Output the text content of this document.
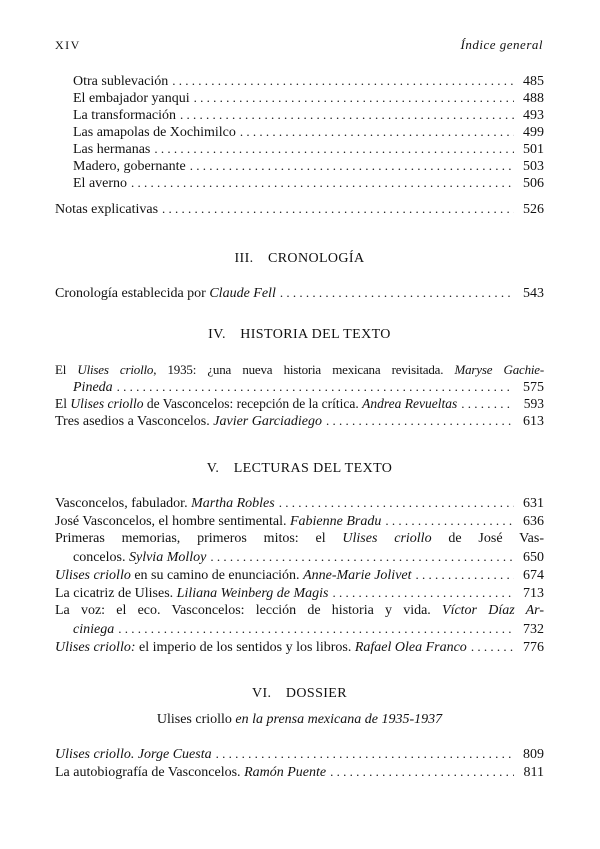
XIV	Índice general
Otra sublevación . . .	485
El embajador yanqui . . .	488
La transformación . . .	493
Las amapolas de Xochimilco . . .	499
Las hermanas . . .	501
Madero, gobernante . . .	503
El averno . . .	506
Notas explicativas . . .	526
III. CRONOLOGÍA
Cronología establecida por Claude Fell . . .	543
IV. HISTORIA DEL TEXTO
El Ulises criollo, 1935: ¿una nueva historia mexicana revisitada. Maryse Gachie-
Pineda . . .	575
El Ulises criollo de Vasconcelos: recepción de la crítica. Andrea Revueltas . . .	593
Tres asedios a Vasconcelos. Javier Garciadiego . . .	613
V. LECTURAS DEL TEXTO
Vasconcelos, fabulador. Martha Robles . . .	631
José Vasconcelos, el hombre sentimental. Fabienne Bradu . . .	636
Primeras memorias, primeros mitos: el Ulises criollo de José Vas-
concelos. Sylvia Molloy . . .	650
Ulises criollo en su camino de enunciación. Anne-Marie Jolivet . . .	674
La cicatriz de Ulises. Liliana Weinberg de Magis . . .	713
La voz: el eco. Vasconcelos: lección de historia y vida. Víctor Díaz Ar-
ciniega . . .	732
Ulises criollo: el imperio de los sentidos y los libros. Rafael Olea Franco . . .	776
VI. DOSSIER
Ulises criollo en la prensa mexicana de 1935-1937
Ulises criollo. Jorge Cuesta . . .	809
La autobiografía de Vasconcelos. Ramón Puente . . .	811
